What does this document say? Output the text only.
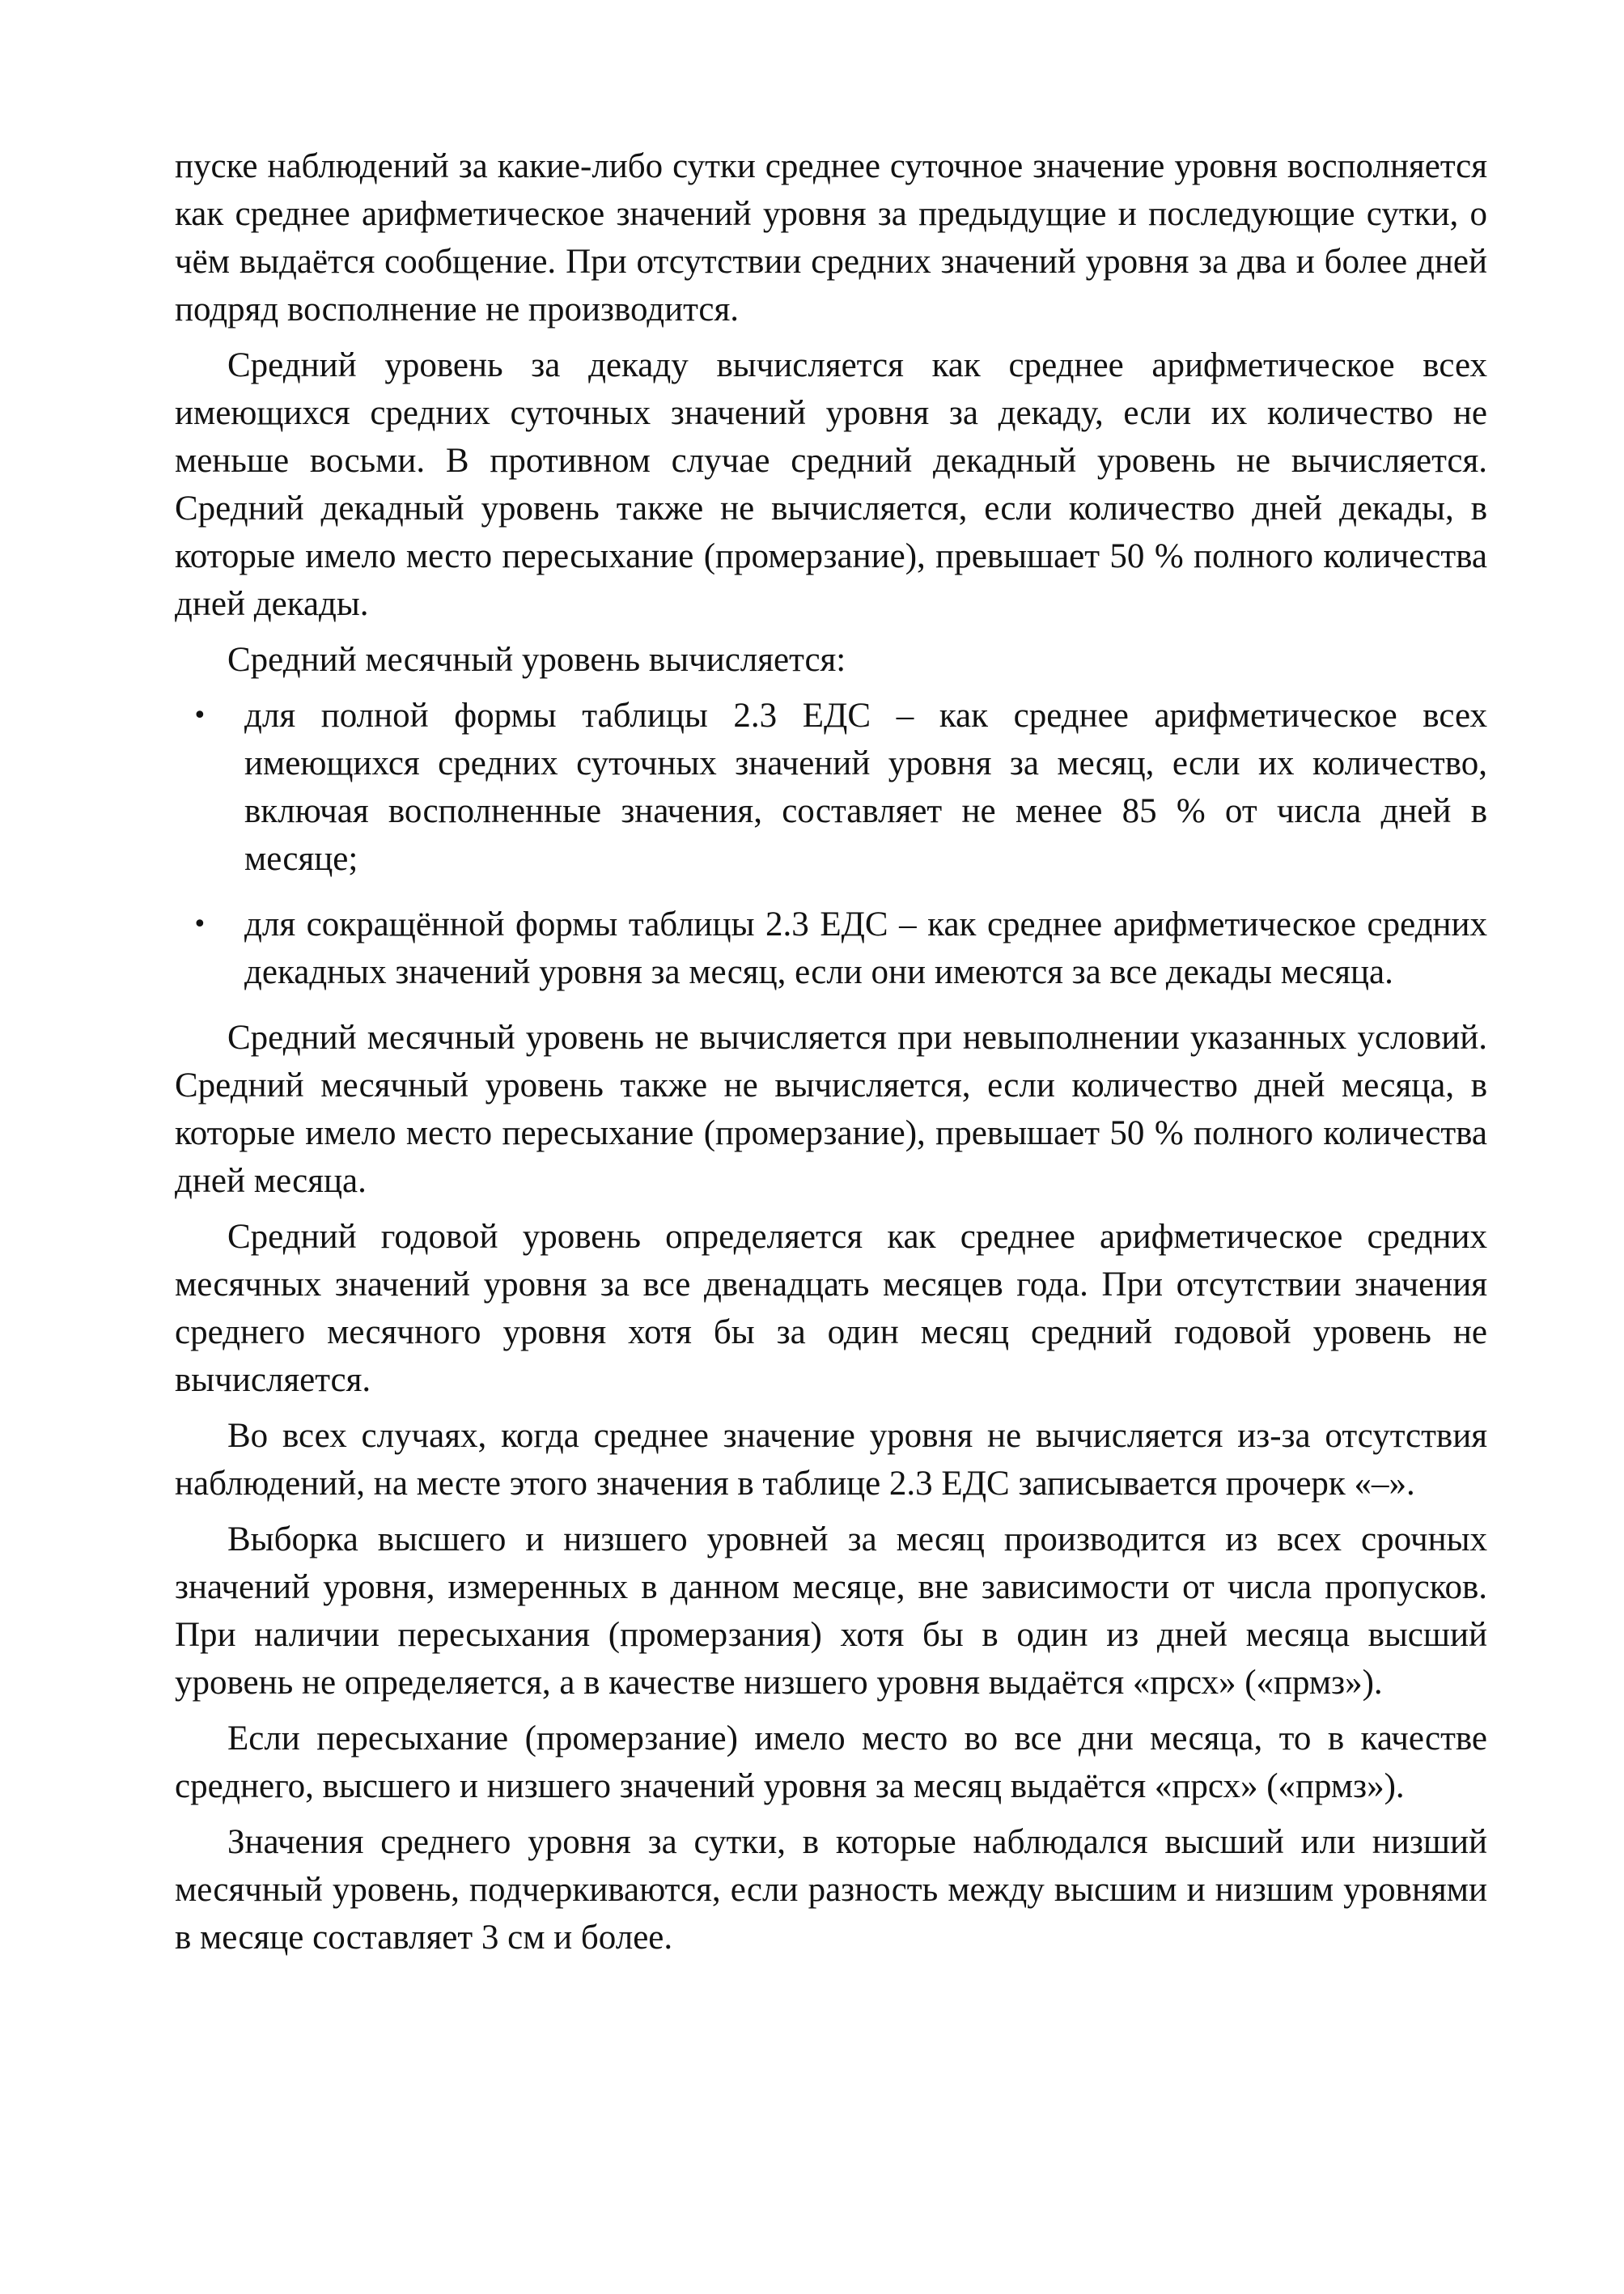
пуске наблюдений за какие-либо сутки среднее суточное значение уровня восполняется как среднее арифметическое значений уровня за предыдущие и последующие сутки, о чём выдаётся сообщение. При отсутствии средних значений уровня за два и более дней подряд восполнение не производится.

Средний уровень за декаду вычисляется как среднее арифметическое всех имеющихся средних суточных значений уровня за декаду, если их количество не меньше восьми. В противном случае средний декадный уровень не вычисляется. Средний декадный уровень также не вычисляется, если количество дней декады, в которые имело место пересыхание (промерзание), превышает 50 % полного количества дней декады.

Средний месячный уровень вычисляется:

• для полной формы таблицы 2.3 ЕДС – как среднее арифметическое всех имеющихся средних суточных значений уровня за месяц, если их количество, включая восполненные значения, составляет не менее 85 % от числа дней в месяце;
• для сокращённой формы таблицы 2.3 ЕДС – как среднее арифметическое средних декадных значений уровня за месяц, если они имеются за все декады месяца.

Средний месячный уровень не вычисляется при невыполнении указанных условий. Средний месячный уровень также не вычисляется, если количество дней месяца, в которые имело место пересыхание (промерзание), превышает 50 % полного количества дней месяца.

Средний годовой уровень определяется как среднее арифметическое средних месячных значений уровня за все двенадцать месяцев года. При отсутствии значения среднего месячного уровня хотя бы за один месяц средний годовой уровень не вычисляется.

Во всех случаях, когда среднее значение уровня не вычисляется из-за отсутствия наблюдений, на месте этого значения в таблице 2.3 ЕДС записывается прочерк «–».

Выборка высшего и низшего уровней за месяц производится из всех срочных значений уровня, измеренных в данном месяце, вне зависимости от числа пропусков. При наличии пересыхания (промерзания) хотя бы в один из дней месяца высший уровень не определяется, а в качестве низшего уровня выдаётся «прсх» («прмз»).

Если пересыхание (промерзание) имело место во все дни месяца, то в качестве среднего, высшего и низшего значений уровня за месяц выдаётся «прсх» («прмз»).

Значения среднего уровня за сутки, в которые наблюдался высший или низший месячный уровень, подчеркиваются, если разность между высшим и низшим уровнями в месяце составляет 3 см и более.
